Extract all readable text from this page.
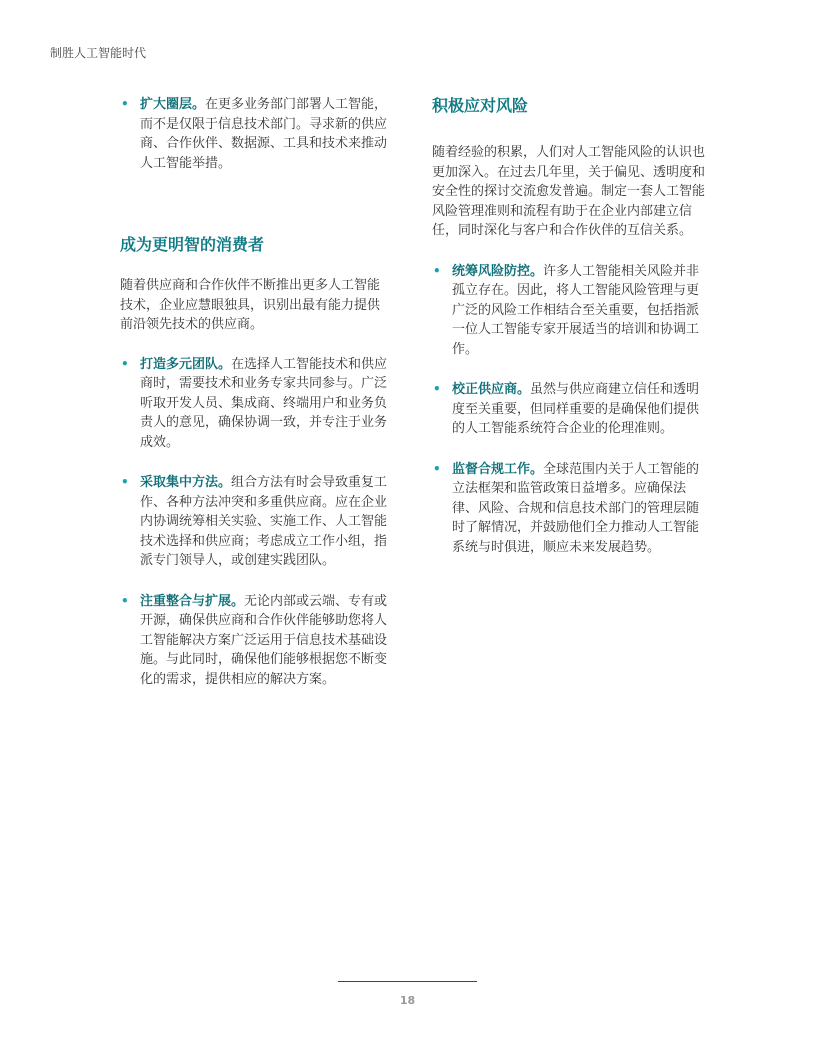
制胜人工智能时代
• 扩大圈层。在更多业务部门部署人工智能，而不是仅限于信息技术部门。寻求新的供应商、合作伙伴、数据源、工具和技术来推动人工智能举措。
成为更明智的消费者

随着供应商和合作伙伴不断推出更多人工智能技术，企业应慧眼独具，识别出最有能力提供前沿领先技术的供应商。

• 打造多元团队。在选择人工智能技术和供应商时，需要技术和业务专家共同参与。广泛听取开发人员、集成商、终端用户和业务负责人的意见，确保协调一致，并专注于业务成效。
• 采取集中方法。组合方法有时会导致重复工作、各种方法冲突和多重供应商。应在企业内协调统筹相关实验、实施工作、人工智能技术选择和供应商；考虑成立工作小组，指派专门领导人，或创建实践团队。
• 注重整合与扩展。无论内部或云端、专有或开源，确保供应商和合作伙伴能够助您将人工智能解决方案广泛运用于信息技术基础设施。与此同时，确保他们能够根据您不断变化的需求，提供相应的解决方案。
积极应对风险

随着经验的积累，人们对人工智能风险的认识也更加深入。在过去几年里，关于偏见、透明度和安全性的探讨交流愈发普遍。制定一套人工智能风险管理准则和流程有助于在企业内部建立信任，同时深化与客户和合作伙伴的互信关系。

• 统筹风险防控。许多人工智能相关风险并非孤立存在。因此，将人工智能风险管理与更广泛的风险工作相结合至关重要，包括指派一位人工智能专家开展适当的培训和协调工作。
• 校正供应商。虽然与供应商建立信任和透明度至关重要，但同样重要的是确保他们提供的人工智能系统符合企业的伦理准则。
• 监督合规工作。全球范围内关于人工智能的立法框架和监管政策日益增多。应确保法律、风险、合规和信息技术部门的管理层随时了解情况，并鼓励他们全力推动人工智能系统与时俱进，顺应未来发展趋势。
18
